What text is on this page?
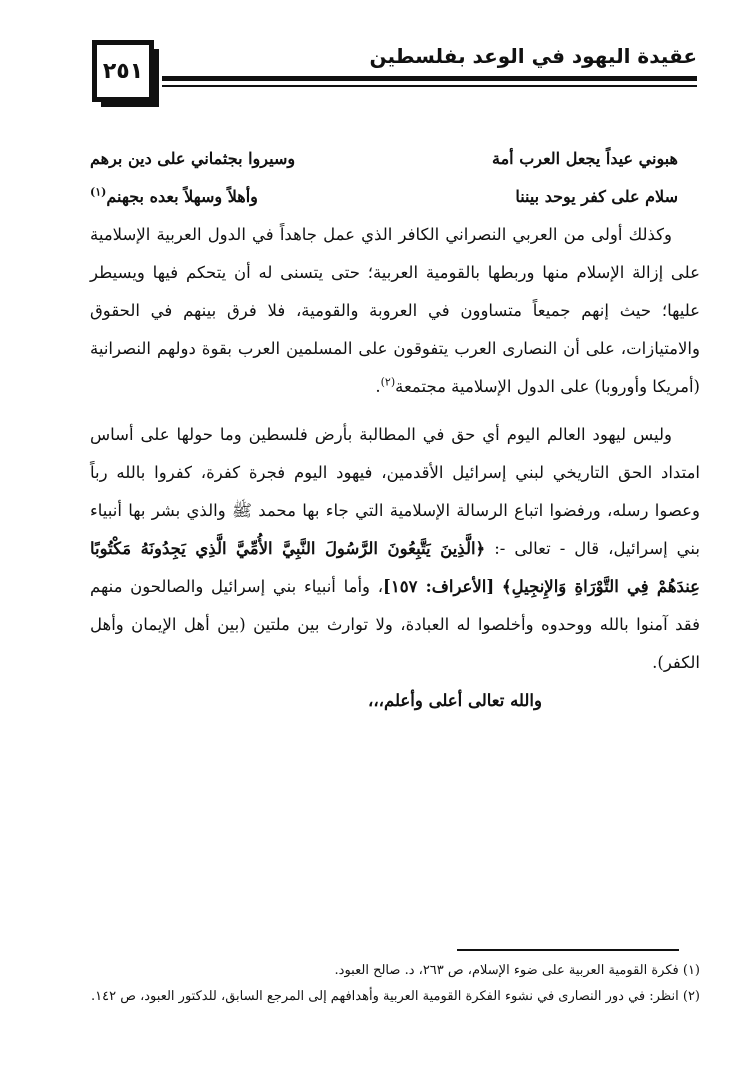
٢٥١
عقيدة اليهود في الوعد بفلسطين
هبوني عيداً يجعل العرب أمة
وسيروا بجثماني على دين برهم
سلام على كفر يوحد بيننا
وأهلاً وسهلاً بعده بجهنم$^{(١)}$

وكذلك أولى من العربي النصراني الكافر الذي عمل جاهداً في الدول العربية الإسلامية على إزالة الإسلام منها وربطها بالقومية العربية؛ حتى يتسنى له أن يتحكم فيها ويسيطر عليها؛ حيث إنهم جميعاً متساوون في العروبة والقومية، فلا فرق بينهم في الحقوق والامتيازات، على أن النصارى العرب يتفوقون على المسلمين العرب بقوة دولهم النصرانية (أمريكا وأوروبا) على الدول الإسلامية مجتمعة$^{(٢)}$.

وليس ليهود العالم اليوم أي حق في المطالبة بأرض فلسطين وما حولها على أساس امتداد الحق التاريخي لبني إسرائيل الأقدمين، فيهود اليوم فجرة كفرة، كفروا بالله رباً وعصوا رسله، ورفضوا اتباع الرسالة الإسلامية التي جاء بها محمد ﷺ والذي بشر بها أنبياء بني إسرائيل، قال - تعالى -: ﴿الَّذِينَ يَتَّبِعُونَ الرَّسُولَ النَّبِيَّ الأُمِّيَّ الَّذِي يَجِدُونَهُ مَكْتُوبًا عِندَهُمْ فِي التَّوْرَاةِ وَالإِنجِيلِ﴾ [الأعراف: ١٥٧]، وأما أنبياء بني إسرائيل والصالحون منهم فقد آمنوا بالله ووحدوه وأخلصوا له العبادة، ولا توارث بين ملتين (بين أهل الإيمان وأهل الكفر).

والله تعالى أعلى وأعلم،،،

(١) فكرة القومية العربية على ضوء الإسلام، ص ٢٦٣، د. صالح العبود.

(٢) انظر: في دور النصارى في نشوء الفكرة القومية العربية وأهدافهم إلى المرجع السابق، للدكتور العبود، ص ١٤٢.
